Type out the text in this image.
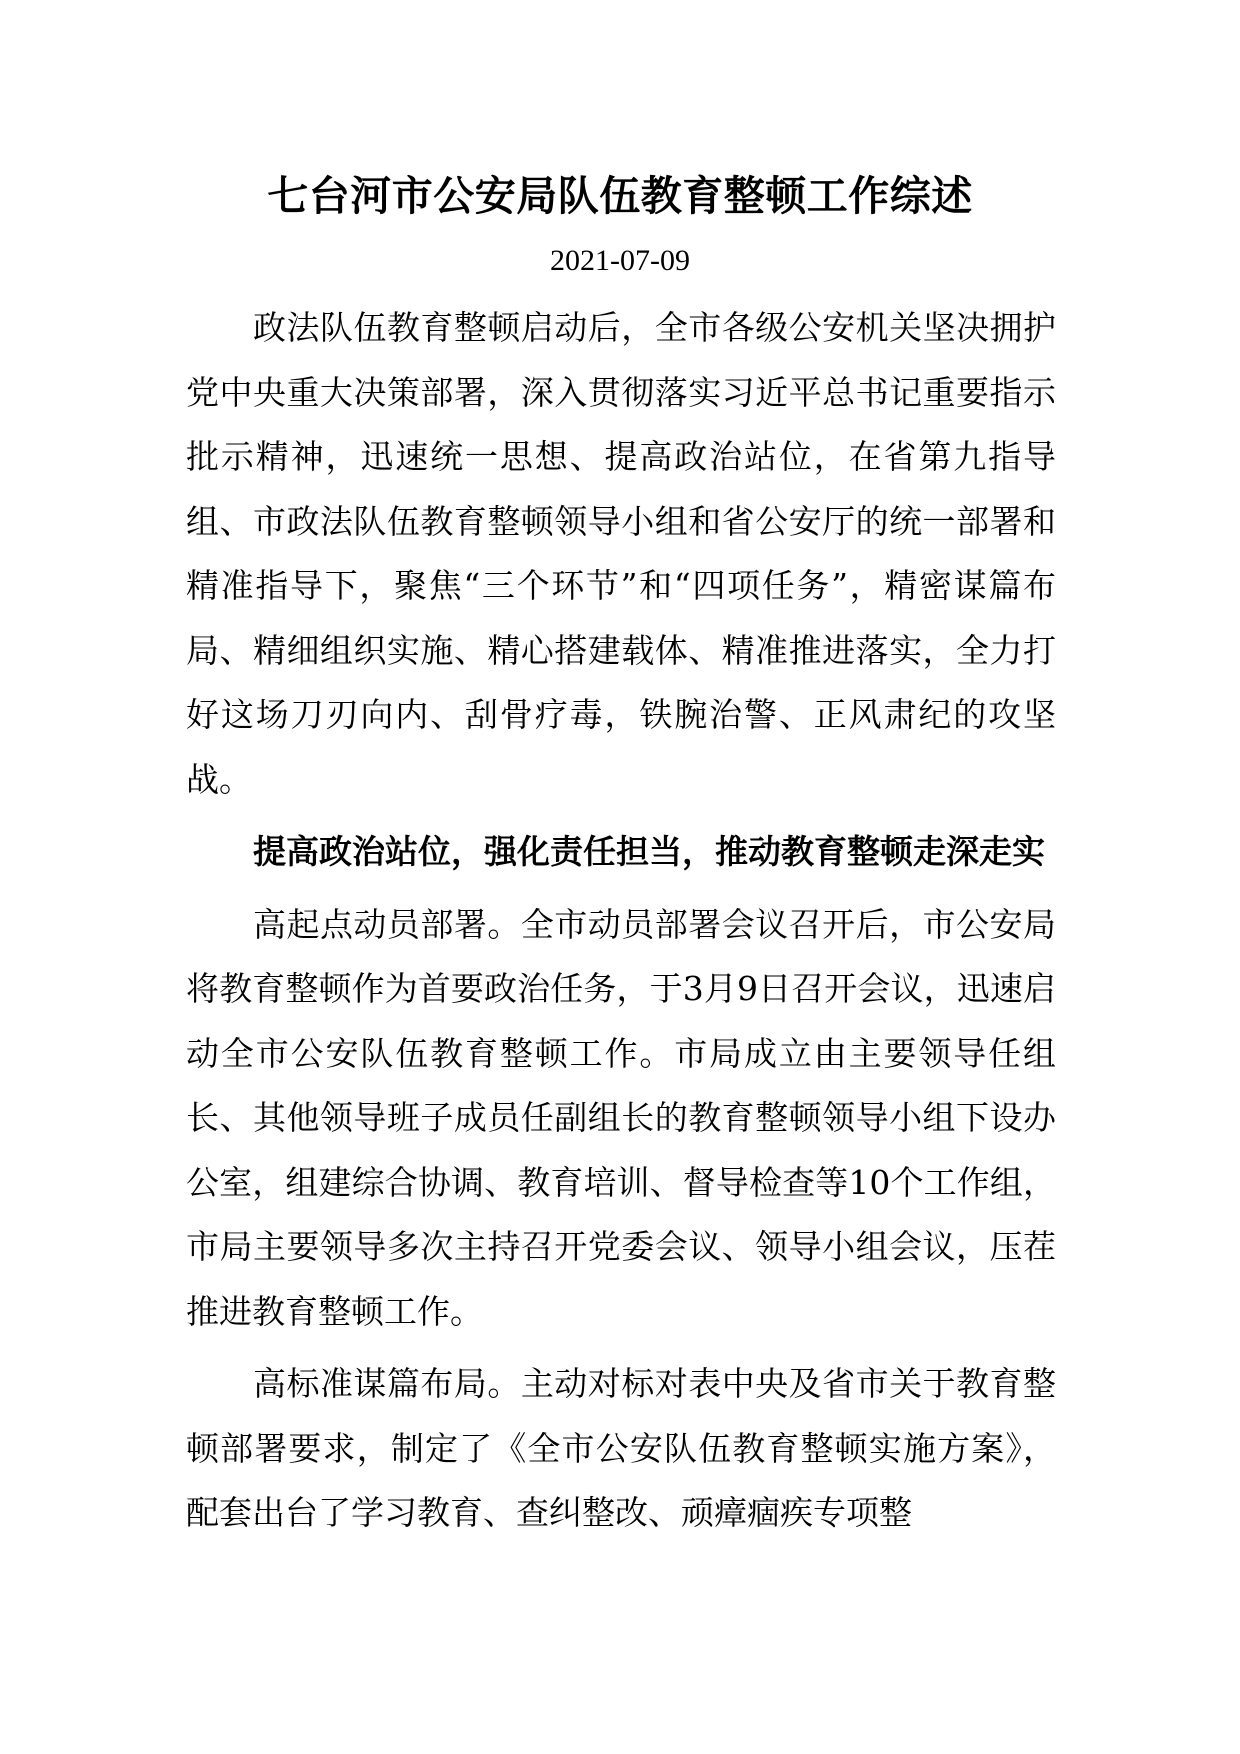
七台河市公安局队伍教育整顿工作综述
2021-07-09

政法队伍教育整顿启动后，全市各级公安机关坚决拥护党中央重大决策部署，深入贯彻落实习近平总书记重要指示批示精神，迅速统一思想、提高政治站位，在省第九指导组、市政法队伍教育整顿领导小组和省公安厅的统一部署和精准指导下，聚焦“三个环节”和“四项任务”，精密谋篇布局、精细组织实施、精心搭建载体、精准推进落实，全力打好这场刀刃向内、刮骨疗毒，铁腕治警、正风肃纪的攻坚战。

提高政治站位，强化责任担当，推动教育整顿走深走实

高起点动员部署。全市动员部署会议召开后，市公安局将教育整顿作为首要政治任务，于3月9日召开会议，迅速启动全市公安队伍教育整顿工作。市局成立由主要领导任组长、其他领导班子成员任副组长的教育整顿领导小组下设办公室，组建综合协调、教育培训、督导检查等10个工作组，市局主要领导多次主持召开党委会议、领导小组会议，压茬推进教育整顿工作。

高标准谋篇布局。主动对标对表中央及省市关于教育整顿部署要求，制定了《全市公安队伍教育整顿实施方案》，配套出台了学习教育、查纠整改、顽瘴痼疾专项整
